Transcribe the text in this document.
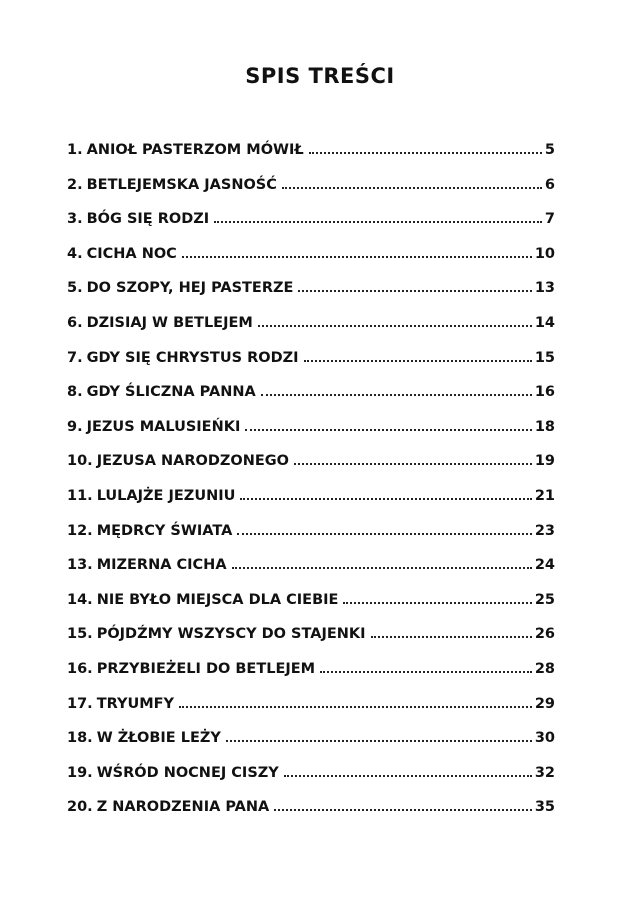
SPIS TREŚCI
1. ANIOŁ PASTERZOM MÓWIŁ	5
2. BETLEJEMSKA JASNOŚĆ	6
3. BÓG SIĘ RODZI	7
4. CICHA NOC	10
5. DO SZOPY, HEJ PASTERZE	13
6. DZISIAJ W BETLEJEM	14
7. GDY SIĘ CHRYSTUS RODZI	15
8. GDY ŚLICZNA PANNA	16
9. JEZUS MALUSIEŃKI	18
10. JEZUSA NARODZONEGO	19
11. LULAJŻE JEZUNIU	21
12. MĘDRCY ŚWIATA	23
13. MIZERNA CICHA	24
14. NIE BYŁO MIEJSCA DLA CIEBIE	25
15. PÓJDŹMY WSZYSCY DO STAJENKI	26
16. PRZYBIEŻELI DO BETLEJEM	28
17. TRYUMFY	29
18. W ŻŁOBIE LEŻY	30
19. WŚRÓD NOCNEJ CISZY	32
20. Z NARODZENIA PANA	35
